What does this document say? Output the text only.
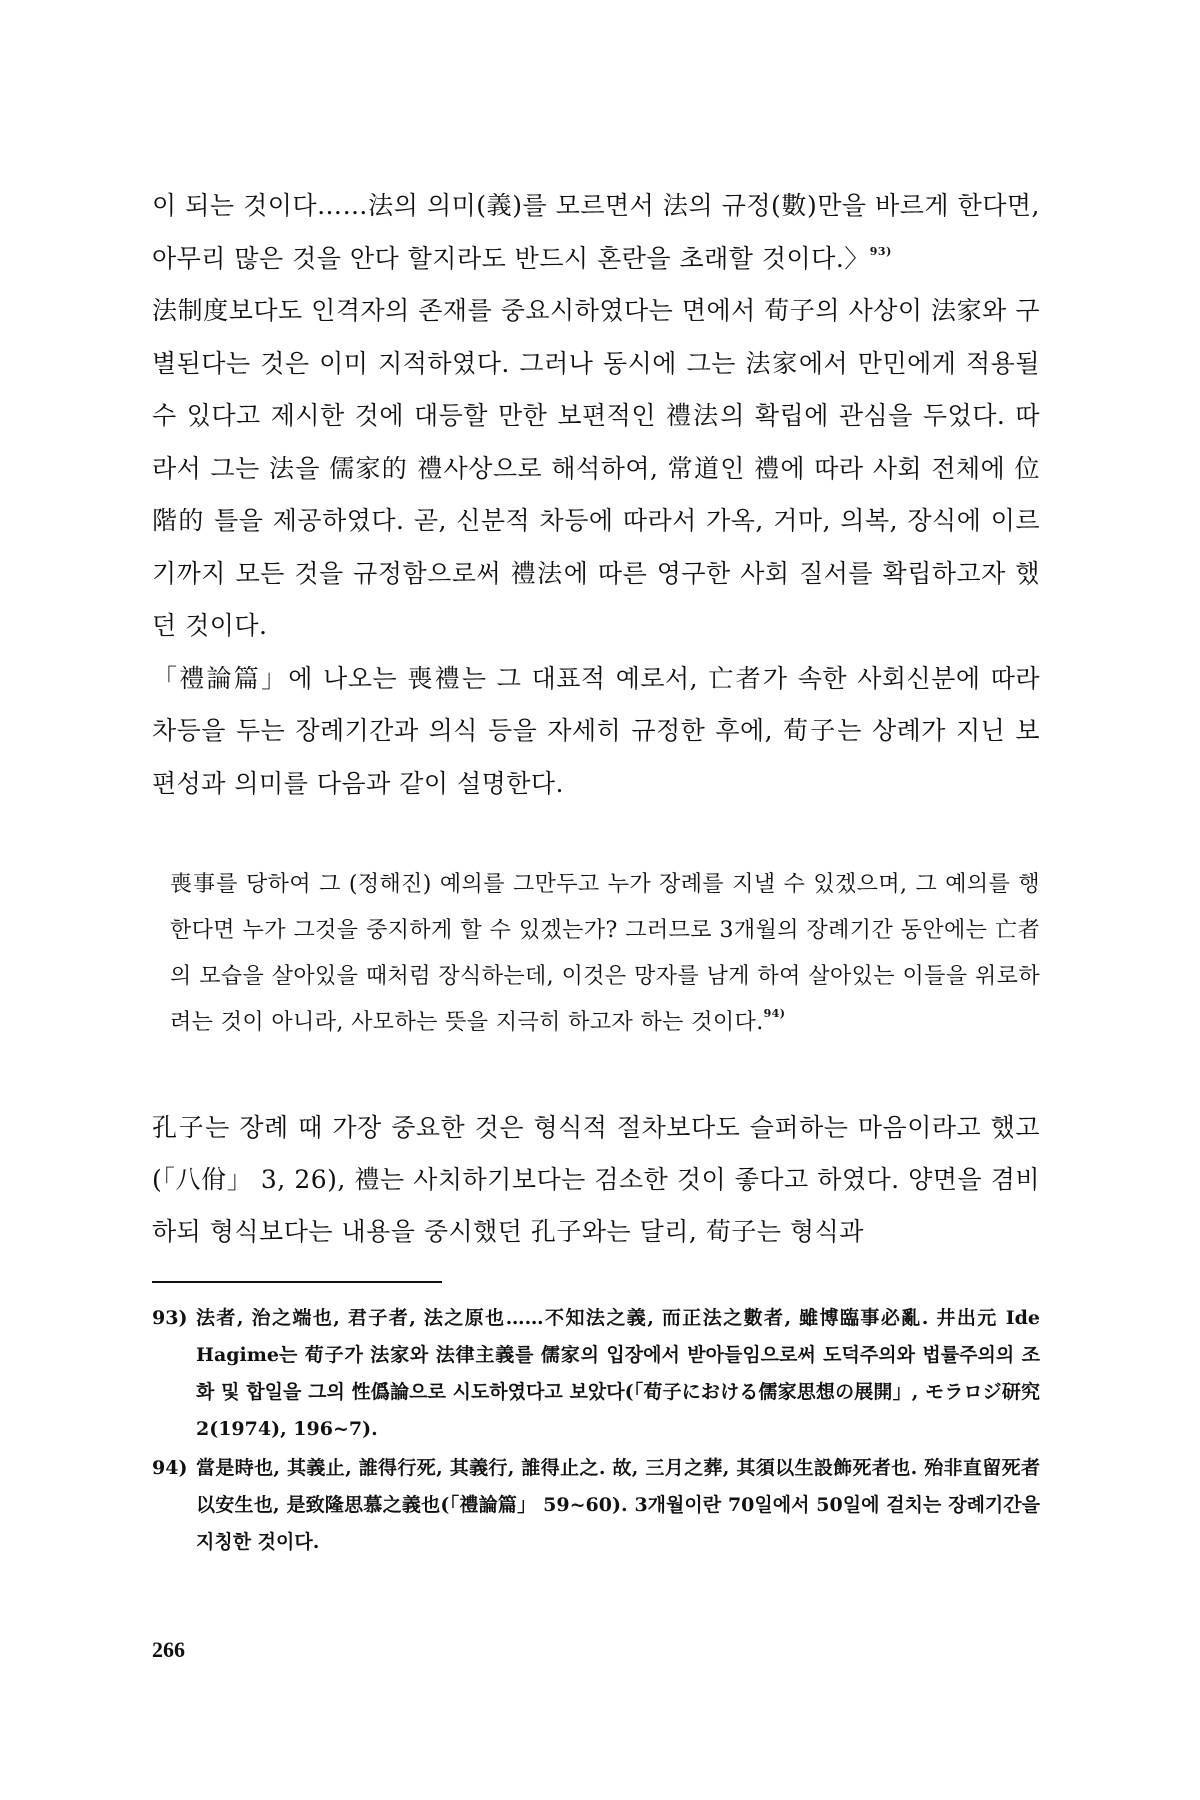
이 되는 것이다……法의 의미(義)를 모르면서 法의 규정(數)만을 바르게 한다면, 아무리 많은 것을 안다 할지라도 반드시 혼란을 초래할 것이다.〉$^{93)}$

法制度보다도 인격자의 존재를 중요시하였다는 면에서 荀子의 사상이 法家와 구별된다는 것은 이미 지적하였다. 그러나 동시에 그는 法家에서 만민에게 적용될 수 있다고 제시한 것에 대등할 만한 보편적인 禮法의 확립에 관심을 두었다. 따라서 그는 法을 儒家的 禮사상으로 해석하여, 常道인 禮에 따라 사회 전체에 位階的 틀을 제공하였다. 곧, 신분적 차등에 따라서 가옥, 거마, 의복, 장식에 이르기까지 모든 것을 규정함으로써 禮法에 따른 영구한 사회 질서를 확립하고자 했던 것이다.

「禮論篇」에 나오는 喪禮는 그 대표적 예로서, 亡者가 속한 사회신분에 따라 차등을 두는 장례기간과 의식 등을 자세히 규정한 후에, 荀子는 상례가 지닌 보편성과 의미를 다음과 같이 설명한다.

喪事를 당하여 그 (정해진) 예의를 그만두고 누가 장례를 지낼 수 있겠으며, 그 예의를 행한다면 누가 그것을 중지하게 할 수 있겠는가? 그러므로 3개월의 장례기간 동안에는 亡者의 모습을 살아있을 때처럼 장식하는데, 이것은 망자를 남게 하여 살아있는 이들을 위로하려는 것이 아니라, 사모하는 뜻을 지극히 하고자 하는 것이다.$^{94)}$

孔子는 장례 때 가장 중요한 것은 형식적 절차보다도 슬퍼하는 마음이라고 했고(「八佾」 3, 26), 禮는 사치하기보다는 검소한 것이 좋다고 하였다. 양면을 겸비하되 형식보다는 내용을 중시했던 孔子와는 달리, 荀子는 형식과

93) 法者, 治之端也, 君子者, 法之原也……不知法之義, 而正法之數者, 雖博臨事必亂. 井出元 Ide Hagime는 荀子가 法家와 法律主義를 儒家의 입장에서 받아들임으로써 도덕주의와 법률주의의 조화 및 합일을 그의 性僞論으로 시도하였다고 보았다(「荀子における儒家思想の展開」, モラロジ研究 2(1974), 196~7).
94) 當是時也, 其義止, 誰得行死, 其義行, 誰得止之. 故, 三月之葬, 其須以生設飾死者也. 殆非直留死者以安生也, 是致隆思慕之義也(「禮論篇」 59~60). 3개월이란 70일에서 50일에 걸치는 장례기간을 지칭한 것이다.
266
